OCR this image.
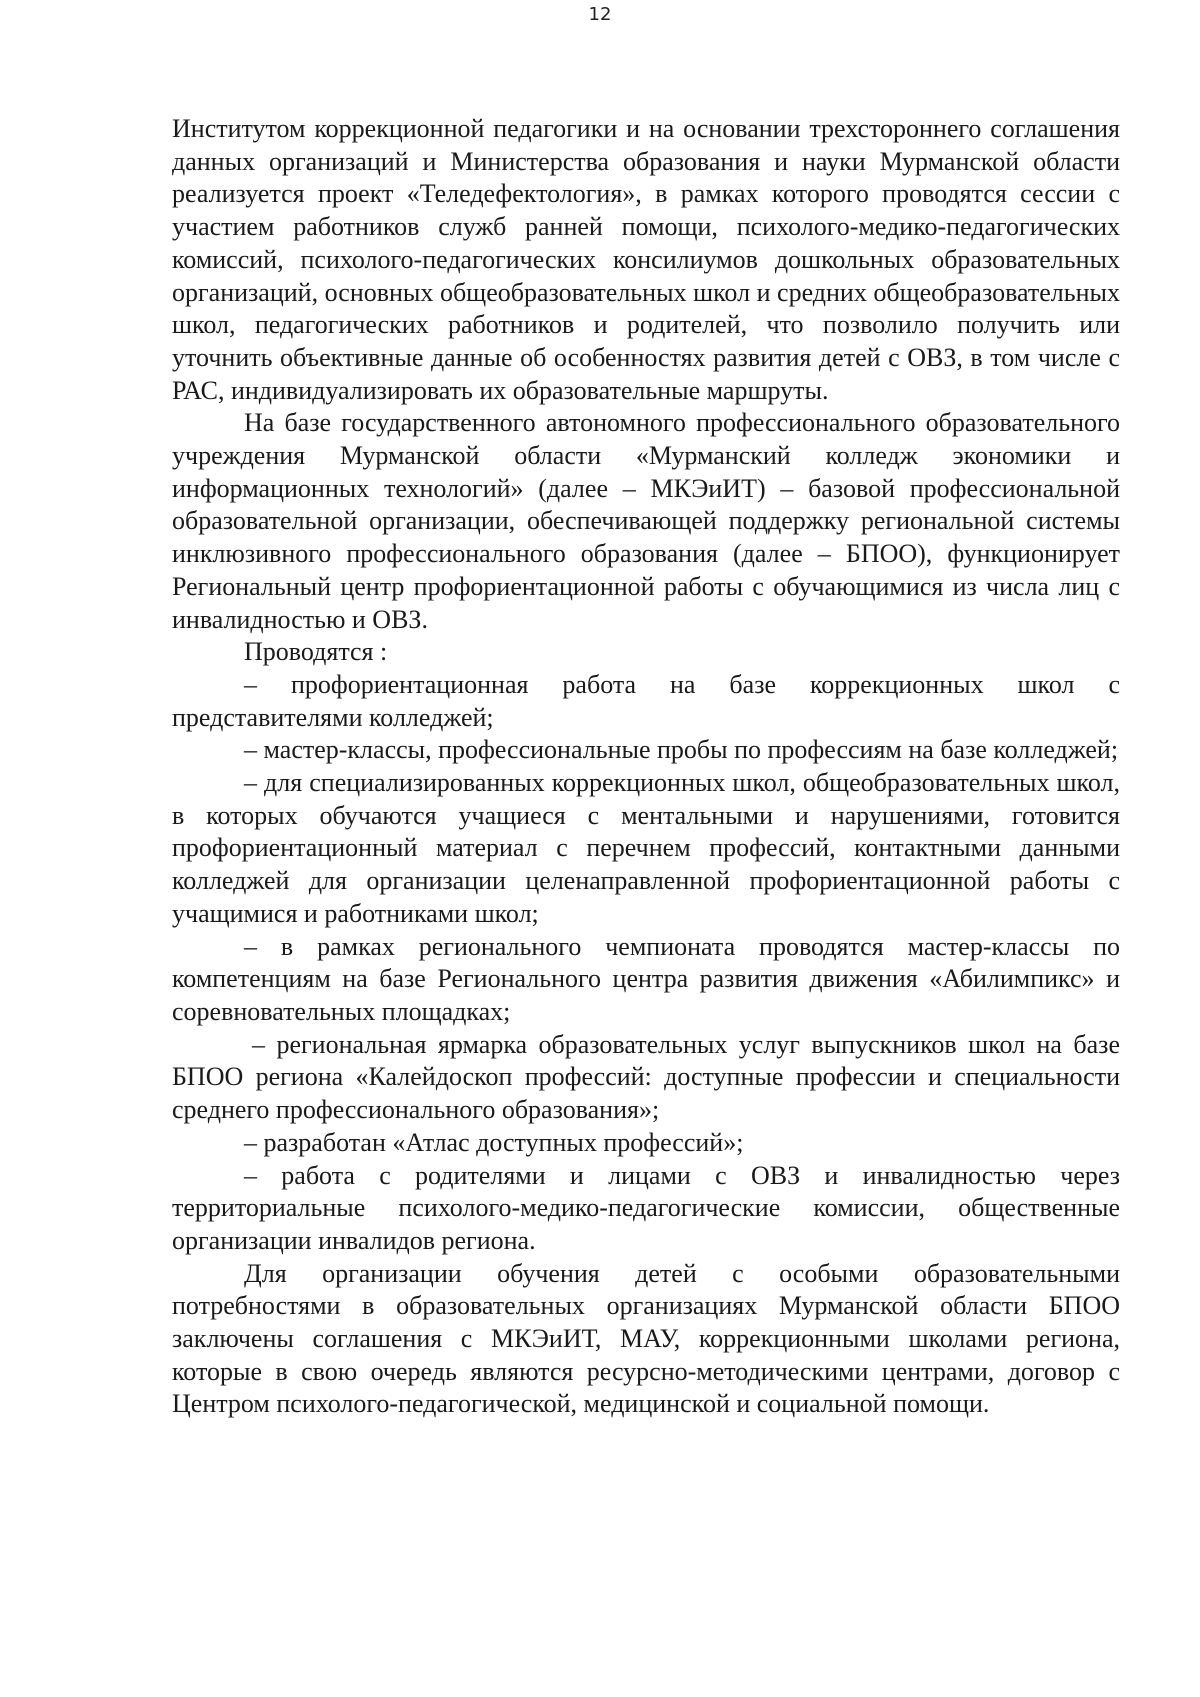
12

Институтом коррекционной педагогики и на основании трехстороннего соглашения данных организаций и Министерства образования и науки Мурманской области реализуется проект «Теледефектология», в рамках которого проводятся сессии с участием работников служб ранней помощи, психолого-медико-педагогических комиссий, психолого-педагогических консилиумов дошкольных образовательных организаций, основных общеобразовательных школ и средних общеобразовательных школ, педагогических работников и родителей, что позволило получить или уточнить объективные данные об особенностях развития детей с ОВЗ, в том числе с РАС, индивидуализировать их образовательные маршруты.

На базе государственного автономного профессионального образовательного учреждения Мурманской области «Мурманский колледж экономики и информационных технологий» (далее – МКЭиИТ) – базовой профессиональной образовательной организации, обеспечивающей поддержку региональной системы инклюзивного профессионального образования (далее – БПОО), функционирует Региональный центр профориентационной работы с обучающимися из числа лиц с инвалидностью и ОВЗ.

Проводятся :

– профориентационная работа на базе коррекционных школ с представителями колледжей;

– мастер-классы, профессиональные пробы по профессиям на базе колледжей;

– для специализированных коррекционных школ, общеобразовательных школ, в которых обучаются учащиеся с ментальными и нарушениями, готовится профориентационный материал с перечнем профессий, контактными данными колледжей для организации целенаправленной профориентационной работы с учащимися и работниками школ;

– в рамках регионального чемпионата проводятся мастер-классы по компетенциям на базе Регионального центра развития движения «Абилимпикс» и соревновательных площадках;

– региональная ярмарка образовательных услуг выпускников школ на базе БПОО региона «Калейдоскоп профессий: доступные профессии и специальности среднего профессионального образования»;

– разработан «Атлас доступных профессий»;

– работа с родителями и лицами с ОВЗ и инвалидностью через территориальные психолого-медико-педагогические комиссии, общественные организации инвалидов региона.

Для организации обучения детей с особыми образовательными потребностями в образовательных организациях Мурманской области БПОО заключены соглашения с МКЭиИТ, МАУ, коррекционными школами региона, которые в свою очередь являются ресурсно-методическими центрами, договор с Центром психолого-педагогической, медицинской и социальной помощи.
